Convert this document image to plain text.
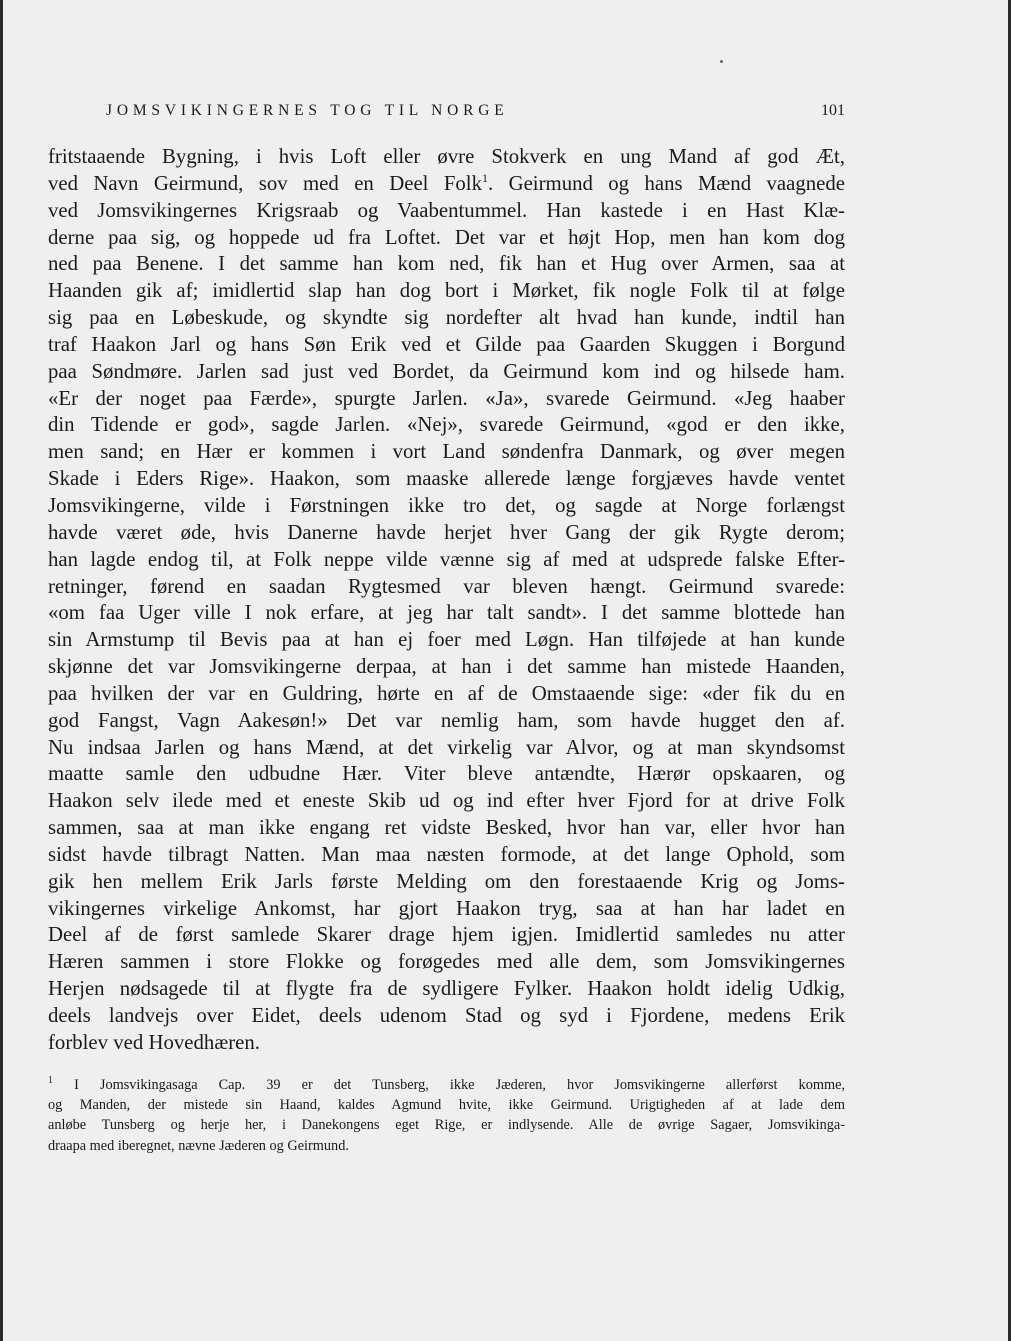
JOMSVIKINGERNES TOG TIL NORGE	101
fritstaaende Bygning, i hvis Loft eller øvre Stokverk en ung Mand af god Æt,
ved Navn Geirmund, sov med en Deel Folk$^1$. Geirmund og hans Mænd vaagnede
ved Jomsvikingernes Krigsraab og Vaabentummel. Han kastede i en Hast Klæ-
derne paa sig, og hoppede ud fra Loftet. Det var et højt Hop, men han kom dog
ned paa Benene. I det samme han kom ned, fik han et Hug over Armen, saa at
Haanden gik af; imidlertid slap han dog bort i Mørket, fik nogle Folk til at følge
sig paa en Løbeskude, og skyndte sig nordefter alt hvad han kunde, indtil han
traf Haakon Jarl og hans Søn Erik ved et Gilde paa Gaarden Skuggen i Borgund
paa Søndmøre. Jarlen sad just ved Bordet, da Geirmund kom ind og hilsede ham.
«Er der noget paa Færde», spurgte Jarlen. «Ja», svarede Geirmund. «Jeg haaber
din Tidende er god», sagde Jarlen. «Nej», svarede Geirmund, «god er den ikke,
men sand; en Hær er kommen i vort Land søndenfra Danmark, og øver megen
Skade i Eders Rige». Haakon, som maaske allerede længe forgjæves havde ventet
Jomsvikingerne, vilde i Førstningen ikke tro det, og sagde at Norge forlængst
havde været øde, hvis Danerne havde herjet hver Gang der gik Rygte derom;
han lagde endog til, at Folk neppe vilde vænne sig af med at udsprede falske Efter-
retninger, førend en saadan Rygtesmed var bleven hængt. Geirmund svarede:
«om faa Uger ville I nok erfare, at jeg har talt sandt». I det samme blottede han
sin Armstump til Bevis paa at han ej foer med Løgn. Han tilføjede at han kunde
skjønne det var Jomsvikingerne derpaa, at han i det samme han mistede Haanden,
paa hvilken der var en Guldring, hørte en af de Omstaaende sige: «der fik du en
god Fangst, Vagn Aakesøn!» Det var nemlig ham, som havde hugget den af.
Nu indsaa Jarlen og hans Mænd, at det virkelig var Alvor, og at man skyndsomst
maatte samle den udbudne Hær. Viter bleve antændte, Hærør opskaaren, og
Haakon selv ilede med et eneste Skib ud og ind efter hver Fjord for at drive Folk
sammen, saa at man ikke engang ret vidste Besked, hvor han var, eller hvor han
sidst havde tilbragt Natten. Man maa næsten formode, at det lange Ophold, som
gik hen mellem Erik Jarls første Melding om den forestaaende Krig og Joms-
vikingernes virkelige Ankomst, har gjort Haakon tryg, saa at han har ladet en
Deel af de først samlede Skarer drage hjem igjen. Imidlertid samledes nu atter
Hæren sammen i store Flokke og forøgedes med alle dem, som Jomsvikingernes
Herjen nødsagede til at flygte fra de sydligere Fylker. Haakon holdt idelig Udkig,
deels landvejs over Eidet, deels udenom Stad og syd i Fjordene, medens Erik
forblev ved Hovedhæren.
$^1$ I Jomsvikingasaga Cap. 39 er det Tunsberg, ikke Jæderen, hvor Jomsvikingerne allerførst komme,
og Manden, der mistede sin Haand, kaldes Agmund hvite, ikke Geirmund. Urigtigheden af at lade dem
anløbe Tunsberg og herje her, i Danekongens eget Rige, er indlysende. Alle de øvrige Sagaer, Jomsvikinga-
draapa med iberegnet, nævne Jæderen og Geirmund.
